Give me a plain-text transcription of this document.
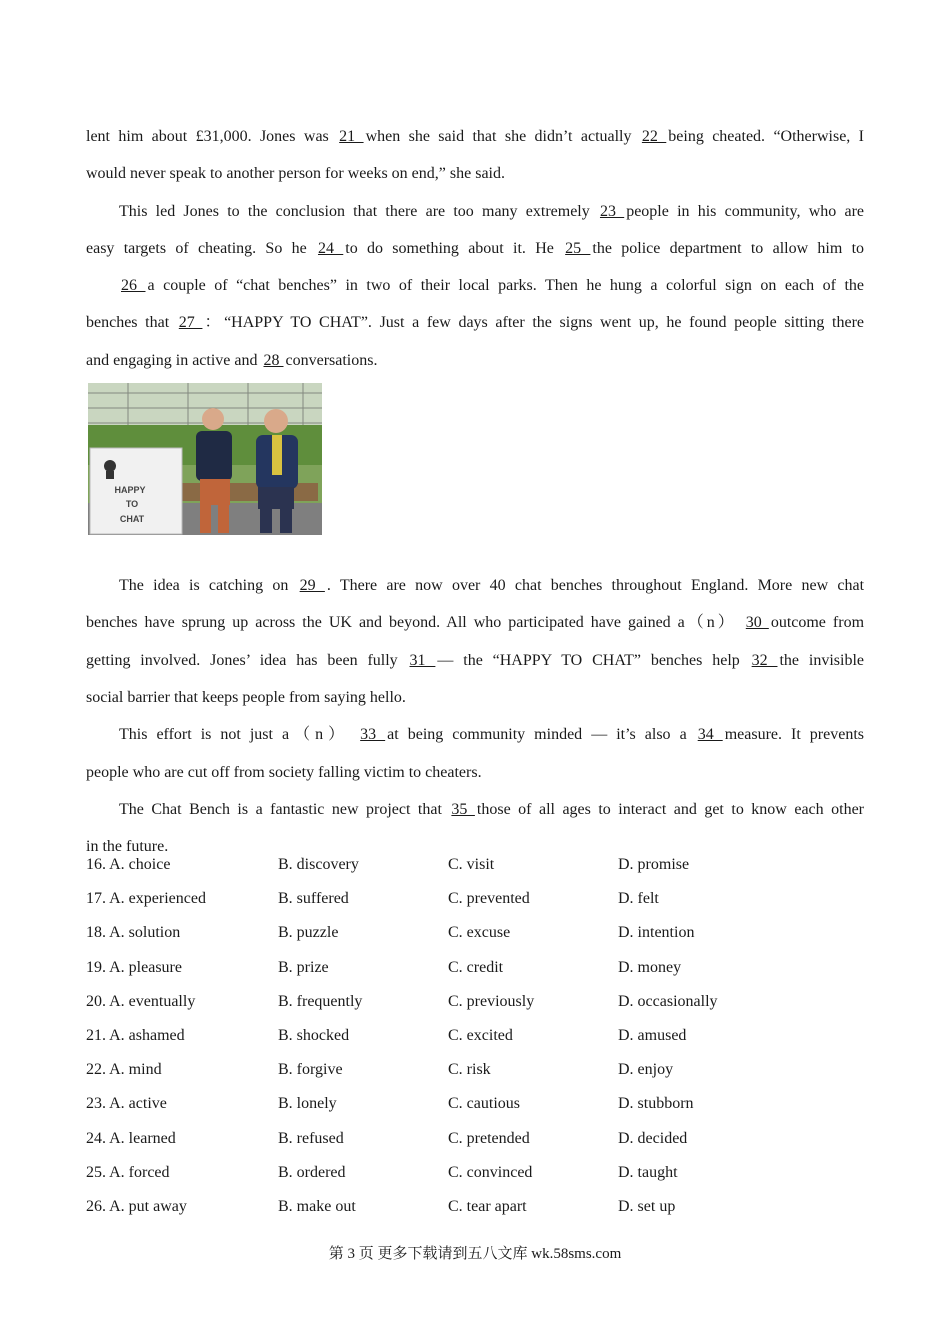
lent him about £31,000. Jones was 21 when she said that she didn’t actually 22 being cheated. “Otherwise, I
would never speak to another person for weeks on end,” she said.
This led Jones to the conclusion that there are too many extremely 23 people in his community, who are
easy targets of cheating. So he 24 to do something about it. He 25 the police department to allow him to
26 a couple of “chat benches” in two of their local parks. Then he hung a colorful sign on each of the
benches that 27 ：“HAPPY TO CHAT”. Just a few days after the signs went up, he found people sitting there
and engaging in active and 28 conversations.
HAPPY
TO
CHAT
The idea is catching on 29 . There are now over 40 chat benches throughout England. More new chat
benches have sprung up across the UK and beyond. All who participated have gained a（n） 30 outcome from
getting involved. Jones’ idea has been fully 31 — the “HAPPY TO CHAT” benches help 32 the invisible
social barrier that keeps people from saying hello.
This effort is not just a（n） 33 at being community minded — it’s also a 34 measure. It prevents
people who are cut off from society falling victim to cheaters.
The Chat Bench is a fantastic new project that 35 those of all ages to interact and get to know each other
in the future.
16. A. choice	B. discovery	C. visit	D. promise
17. A. experienced	B. suffered	C. prevented	D. felt
18. A. solution	B. puzzle	C. excuse	D. intention
19. A. pleasure	B. prize	C. credit	D. money
20. A. eventually	B. frequently	C. previously	D. occasionally
21. A. ashamed	B. shocked	C. excited	D. amused
22. A. mind	B. forgive	C. risk	D. enjoy
23. A. active	B. lonely	C. cautious	D. stubborn
24. A. learned	B. refused	C. pretended	D. decided
25. A. forced	B. ordered	C. convinced	D. taught
26. A. put away	B. make out	C. tear apart	D. set up
第 3 页 更多下载请到五八文库 wk.58sms.com
